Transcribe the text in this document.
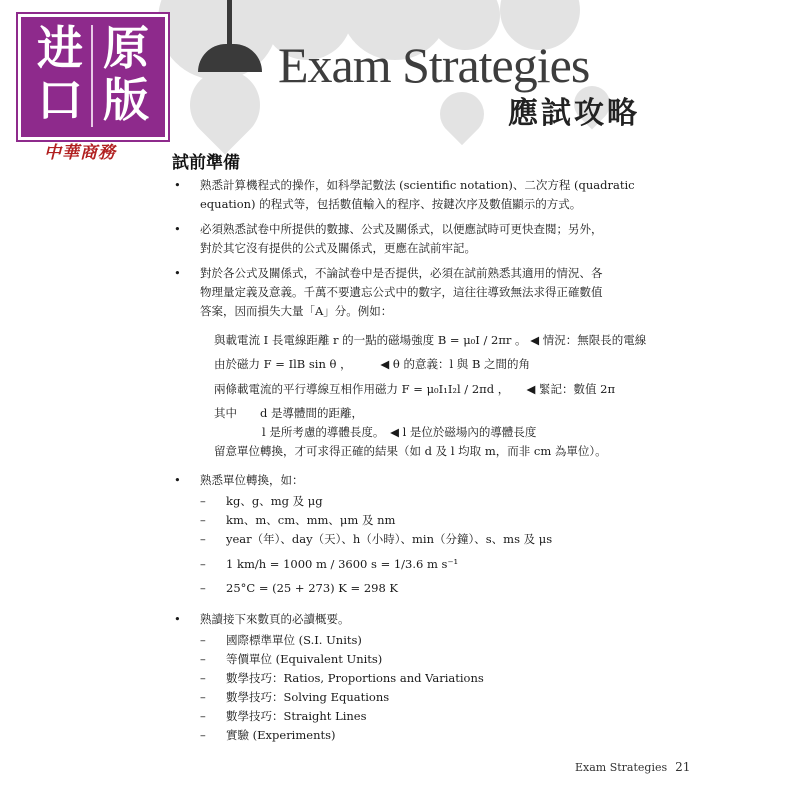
Exam Strategies
應試攻略
进 原
口 版
中華商務	試前準備
• 熟悉計算機程式的操作，如科學記數法 (scientific notation)、二次方程 (quadratic
equation) 的程式等，包括數值輸入的程序、按鍵次序及數值顯示的方式。
• 必須熟悉試卷中所提供的數據、公式及關係式，以便應試時可更快查閱；另外，
對於其它沒有提供的公式及關係式，更應在試前牢記。
• 對於各公式及關係式，不論試卷中是否提供，必須在試前熟悉其適用的情況、各
物理量定義及意義。千萬不要遺忘公式中的數字，這往往導致無法求得正確數值
答案，因而損失大量「A」分。例如：
與載電流 I 長電線距離 r 的一點的磁場強度 B = μ₀I / 2πr 。 ◀ 情況：無限長的電線
由於磁力 F = IlB sin θ ，　　　◀ θ 的意義：l 與 B 之間的角
兩條載電流的平行導線互相作用磁力 F = μ₀I₁I₂l / 2πd ，　　◀ 緊記：數值 2π
其中　　d 是導體間的距離，
l 是所考慮的導體長度。　◀ l 是位於磁場內的導體長度
留意單位轉換，才可求得正確的結果（如 d 及 l 均取 m，而非 cm 為單位）。
• 熟悉單位轉換，如：
– kg、g、mg 及 μg
– km、m、cm、mm、μm 及 nm
– year（年）、day（天）、h（小時）、min（分鐘）、s、ms 及 μs
– 1 km/h = 1000 m / 3600 s = 1/3.6 m s⁻¹
– 25°C = (25 + 273) K = 298 K
• 熟讀接下來數頁的必讀概要。
– 國際標準單位 (S.I. Units)
– 等價單位 (Equivalent Units)
– 數學技巧：Ratios, Proportions and Variations
– 數學技巧：Solving Equations
– 數學技巧：Straight Lines
– 實驗 (Experiments)
Exam Strategies 21
